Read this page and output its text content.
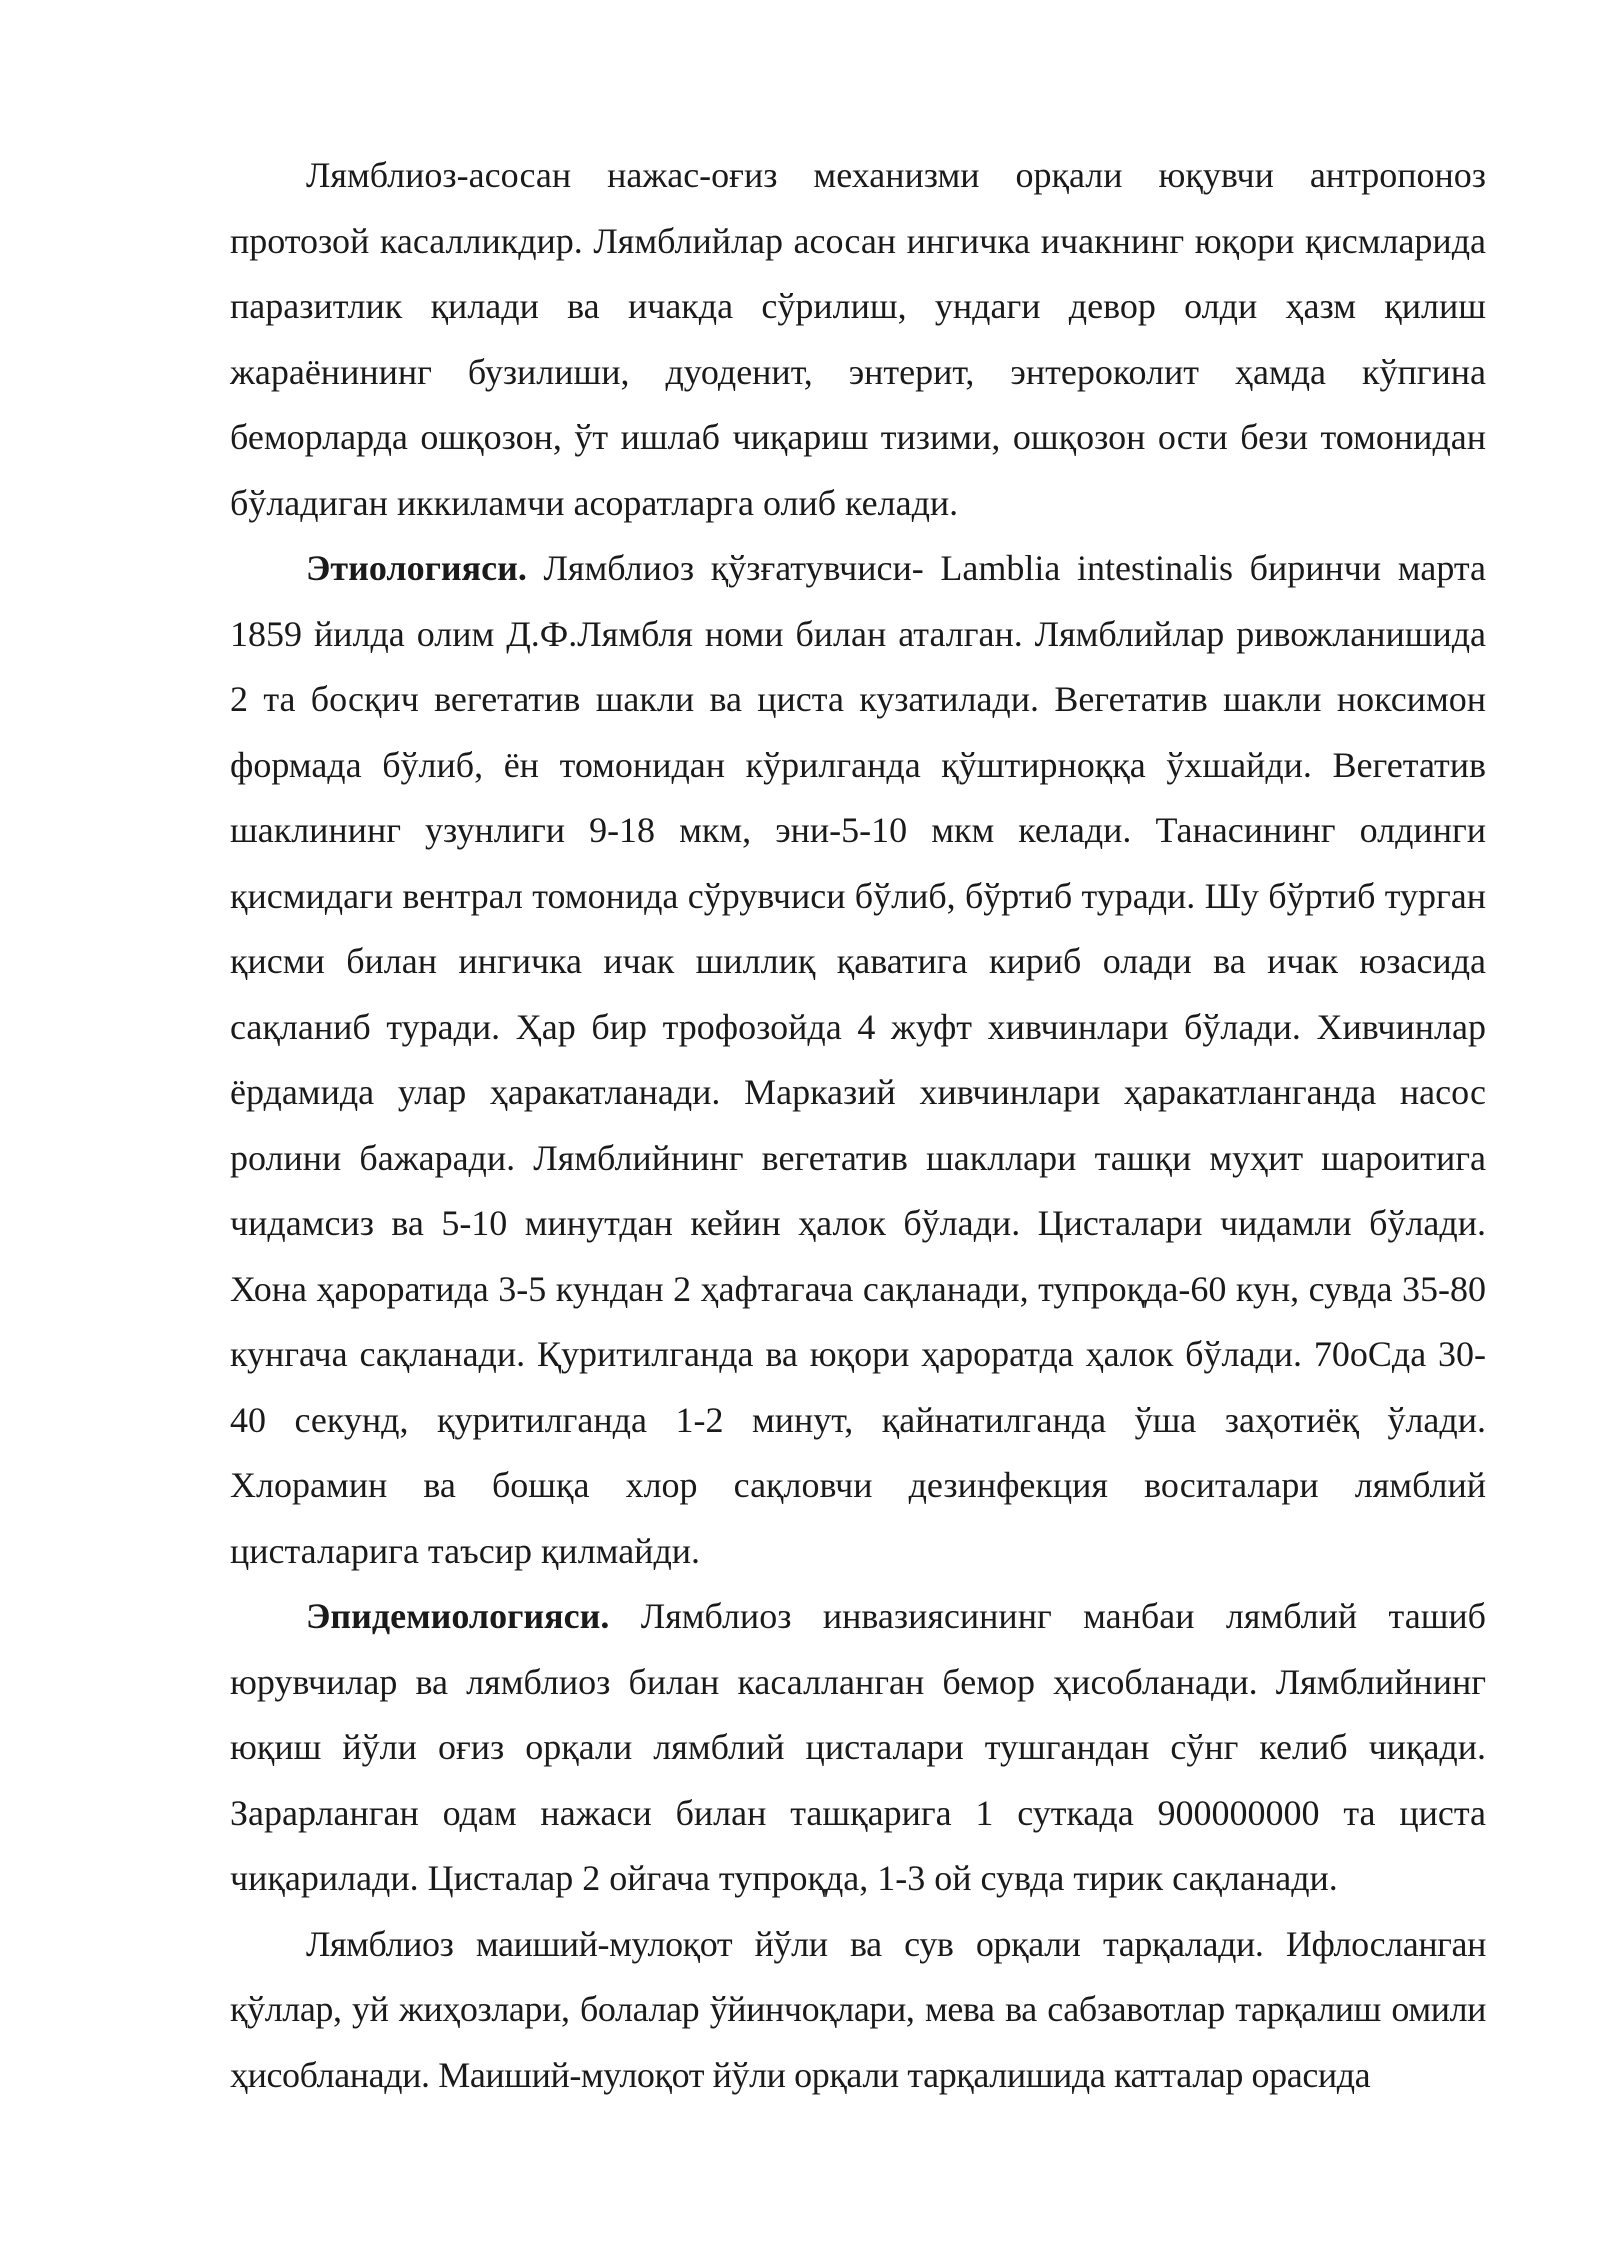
Лямблиоз-асосан нажас-оғиз механизми орқали юқувчи антропоноз протозой касалликдир. Лямблийлар асосан ингичка ичакнинг юқори қисмларида паразитлик қилади ва ичакда сўрилиш, ундаги девор олди ҳазм қилиш жараёнининг бузилиши, дуоденит, энтерит, энтероколит ҳамда кўпгина беморларда ошқозон, ўт ишлаб чиқариш тизими, ошқозон ости бези томонидан бўладиган иккиламчи асоратларга олиб келади.

Этиологияси. Лямблиоз қўзғатувчиси- Lamblia intestinalis биринчи марта 1859 йилда олим Д.Ф.Лямбля номи билан аталган. Лямблийлар ривожланишида 2 та босқич вегетатив шакли ва циста кузатилади. Вегетатив шакли ноксимон формада бўлиб, ён томонидан кўрилганда қўштирноққа ўхшайди. Вегетатив шаклининг узунлиги 9-18 мкм, эни-5-10 мкм келади. Танасининг олдинги қисмидаги вентрал томонида сўрувчиси бўлиб, бўртиб туради. Шу бўртиб турган қисми билан ингичка ичак шиллиқ қаватига кириб олади ва ичак юзасида сақланиб туради. Ҳар бир трофозойда 4 жуфт хивчинлари бўлади. Хивчинлар ёрдамида улар ҳаракатланади. Марказий хивчинлари ҳаракатланганда насос ролини бажаради. Лямблийнинг вегетатив шакллари ташқи муҳит шароитига чидамсиз ва 5-10 минутдан кейин ҳалок бўлади. Цисталари чидамли бўлади. Хона ҳароратида 3-5 кундан 2 ҳафтагача сақланади, тупроқда-60 кун, сувда 35-80 кунгача сақланади. Қуритилганда ва юқори ҳароратда ҳалок бўлади. 70оСда 30-40 секунд, қуритилганда 1-2 минут, қайнатилганда ўша заҳотиёқ ўлади. Хлорамин ва бошқа хлор сақловчи дезинфекция воситалари лямблий цисталарига таъсир қилмайди.

Эпидемиологияси. Лямблиоз инвазиясининг манбаи лямблий ташиб юрувчилар ва лямблиоз билан касалланган бемор ҳисобланади. Лямблийнинг юқиш йўли оғиз орқали лямблий цисталари тушгандан сўнг келиб чиқади. Зарарланган одам нажаси билан ташқарига 1 суткада 900000000 та циста чиқарилади. Цисталар 2 ойгача тупроқда, 1-3 ой сувда тирик сақланади.

Лямблиоз маиший-мулоқот йўли ва сув орқали тарқалади. Ифлосланган қўллар, уй жиҳозлари, болалар ўйинчоқлари, мева ва сабзавотлар тарқалиш омили ҳисобланади. Маиший-мулоқот йўли орқали тарқалишида катталар орасида
